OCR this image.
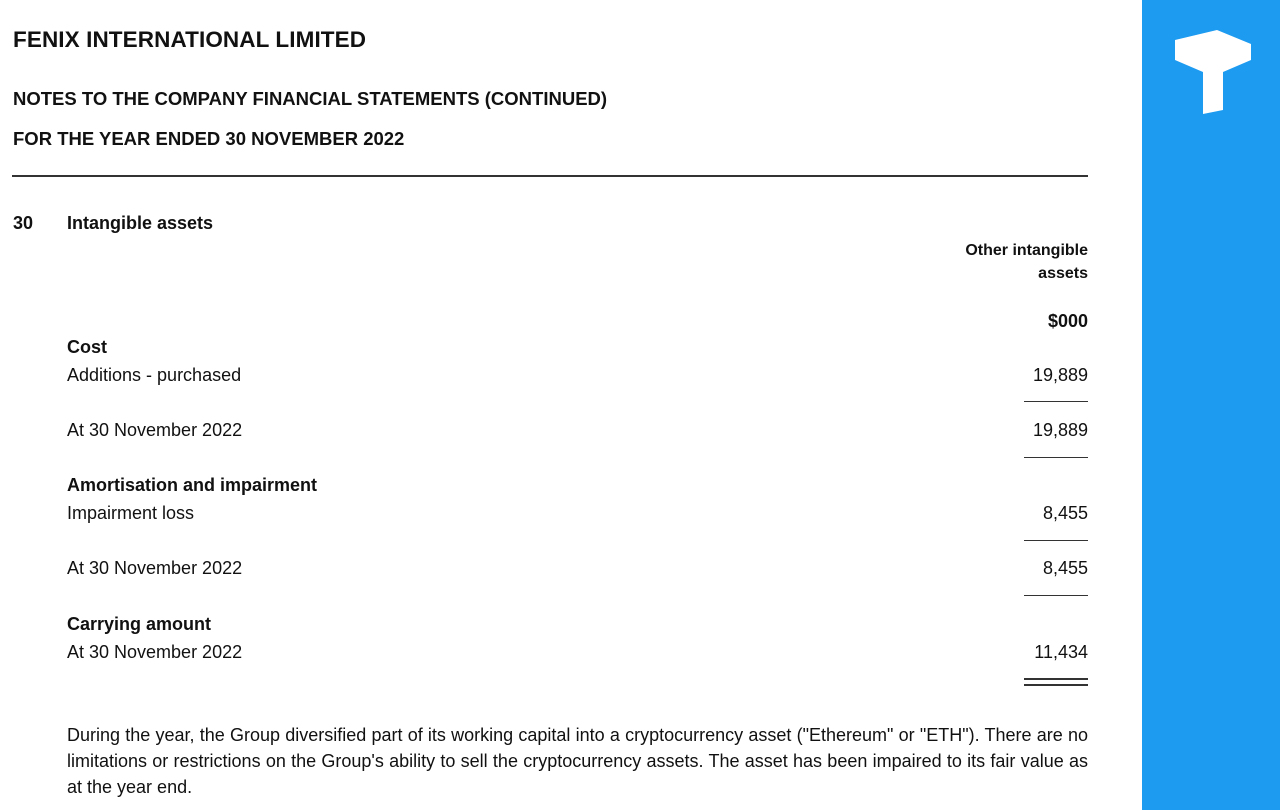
FENIX INTERNATIONAL LIMITED
NOTES TO THE COMPANY FINANCIAL STATEMENTS (CONTINUED)
FOR THE YEAR ENDED 30 NOVEMBER 2022
30 Intangible assets
Other intangible
assets
$000
Cost
Additions - purchased	19,889
At 30 November 2022	19,889
Amortisation and impairment
Impairment loss	8,455
At 30 November 2022	8,455
Carrying amount
At 30 November 2022	11,434
During the year, the Group diversified part of its working capital into a cryptocurrency asset ("Ethereum" or "ETH"). There are no limitations or restrictions on the Group's ability to sell the cryptocurrency assets. The asset has been impaired to its fair value as at the year end.
